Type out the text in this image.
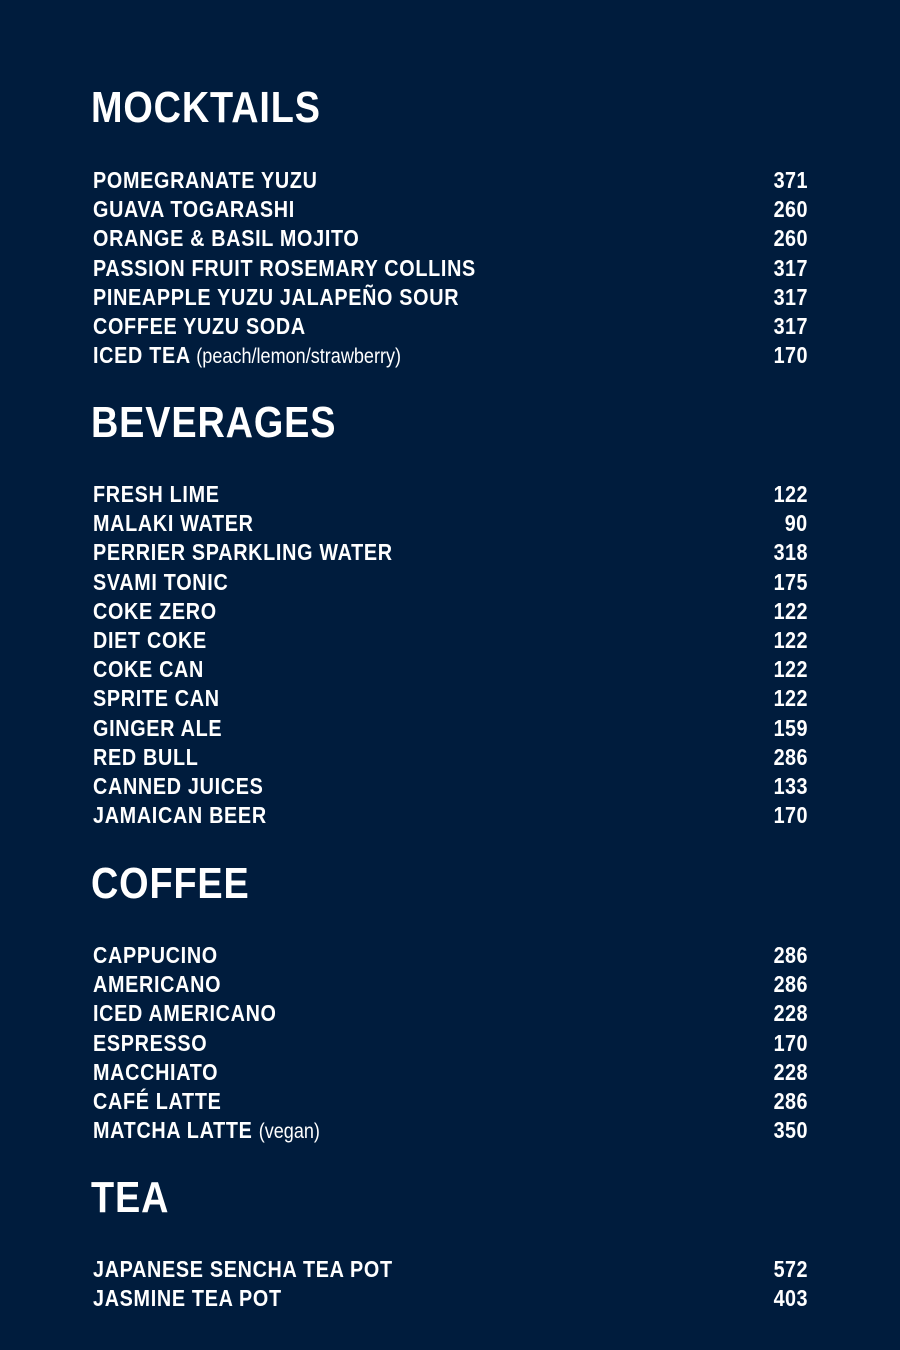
MOCKTAILS
POMEGRANATE YUZU	371
GUAVA TOGARASHI	260
ORANGE & BASIL MOJITO	260
PASSION FRUIT ROSEMARY COLLINS	317
PINEAPPLE YUZU JALAPEÑO SOUR	317
COFFEE YUZU SODA	317
ICED TEA (peach/lemon/strawberry)	170
BEVERAGES
FRESH LIME	122
MALAKI WATER	90
PERRIER SPARKLING WATER	318
SVAMI TONIC	175
COKE ZERO	122
DIET COKE	122
COKE CAN	122
SPRITE CAN	122
GINGER ALE	159
RED BULL	286
CANNED JUICES	133
JAMAICAN BEER	170
COFFEE
CAPPUCINO	286
AMERICANO	286
ICED AMERICANO	228
ESPRESSO	170
MACCHIATO	228
CAFÉ LATTE	286
MATCHA LATTE (vegan)	350
TEA
JAPANESE SENCHA TEA POT	572
JASMINE TEA POT	403
